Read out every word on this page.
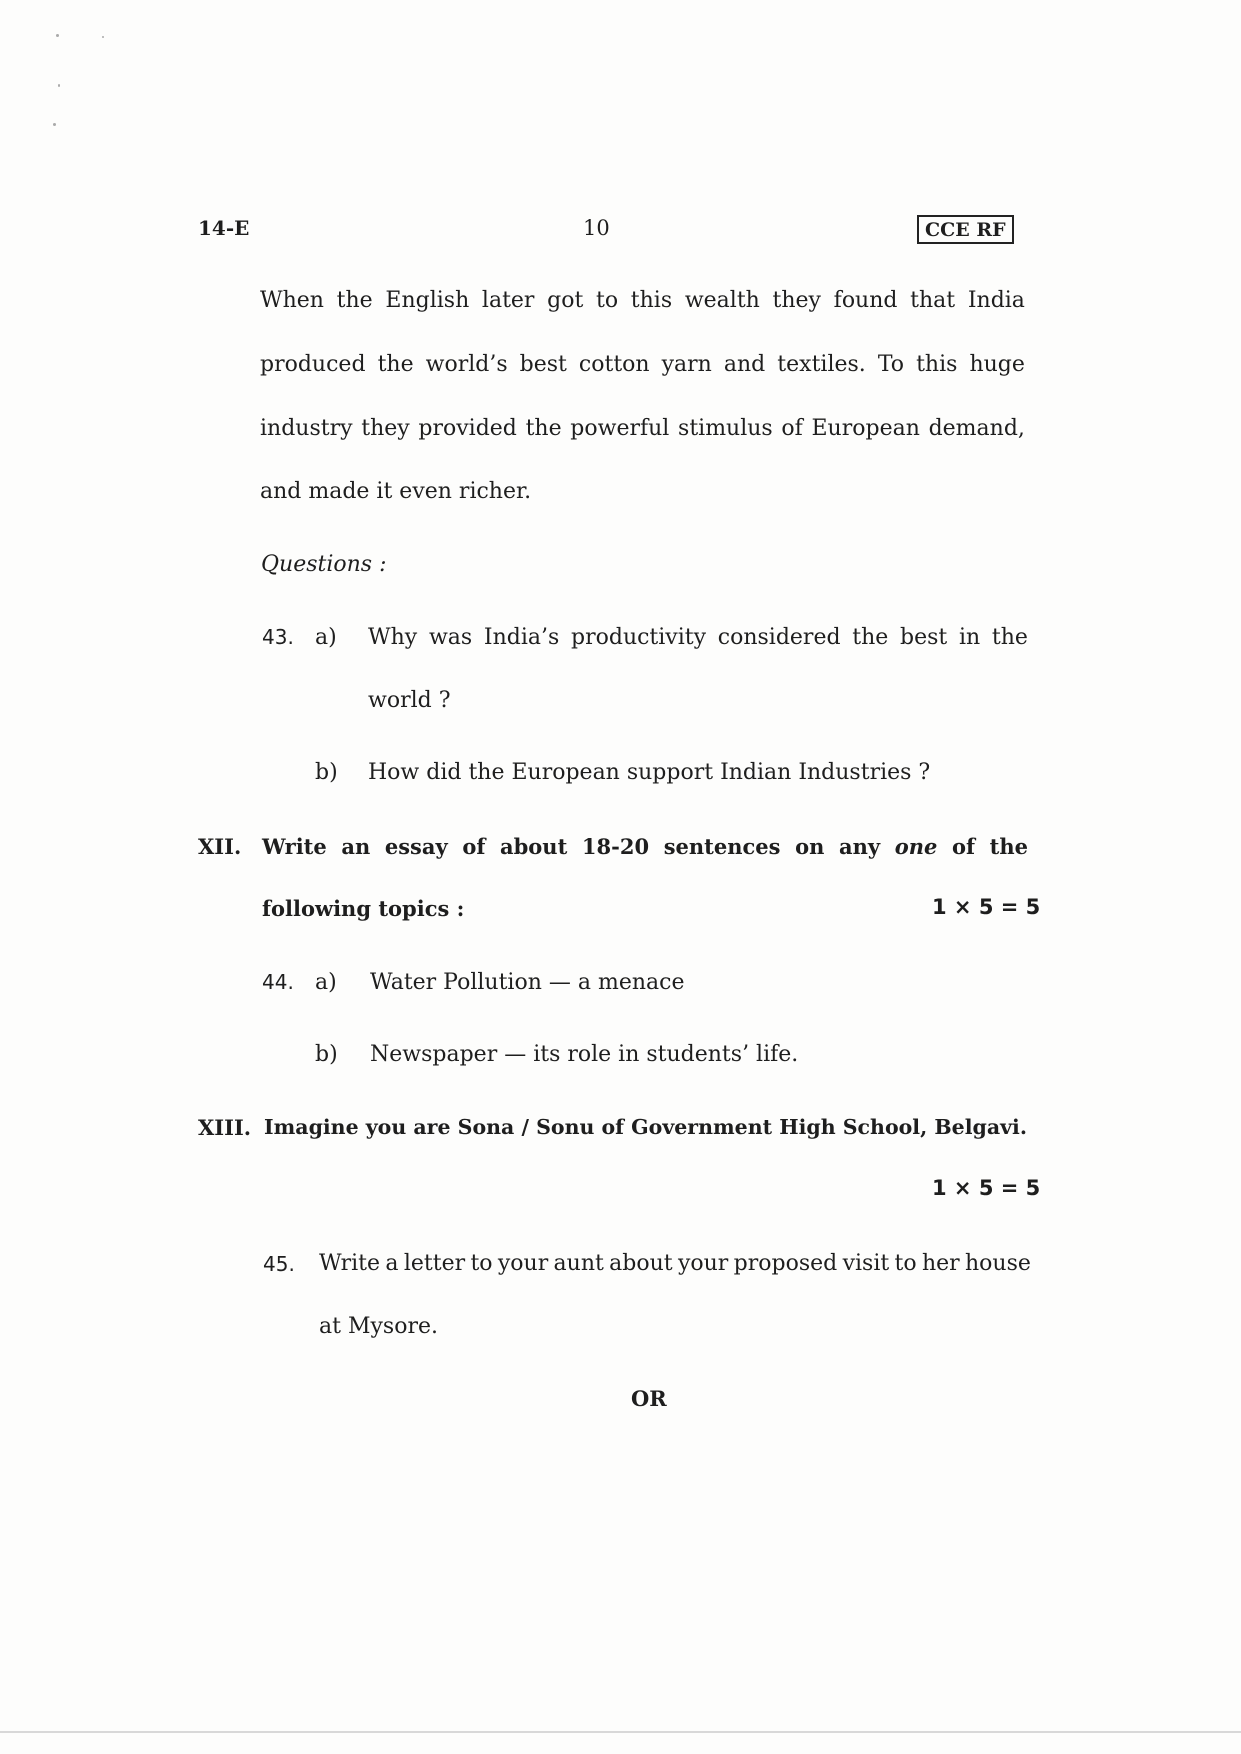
14-E	10	CCE RF
When the English later got to this wealth they found that India
produced the world’s best cotton yarn and textiles. To this huge
industry they provided the powerful stimulus of European demand,
and made it even richer.
Questions :
43. a) Why was India’s productivity considered the best in the
world ?
b) How did the European support Indian Industries ?
XII. Write an essay of about 18-20 sentences on any one of the
following topics :	1 × 5 = 5
44. a) Water Pollution — a menace
b) Newspaper — its role in students’ life.
XIII. Imagine you are Sona / Sonu of Government High School, Belgavi.
1 × 5 = 5
45. Write a letter to your aunt about your proposed visit to her house
at Mysore.
OR
